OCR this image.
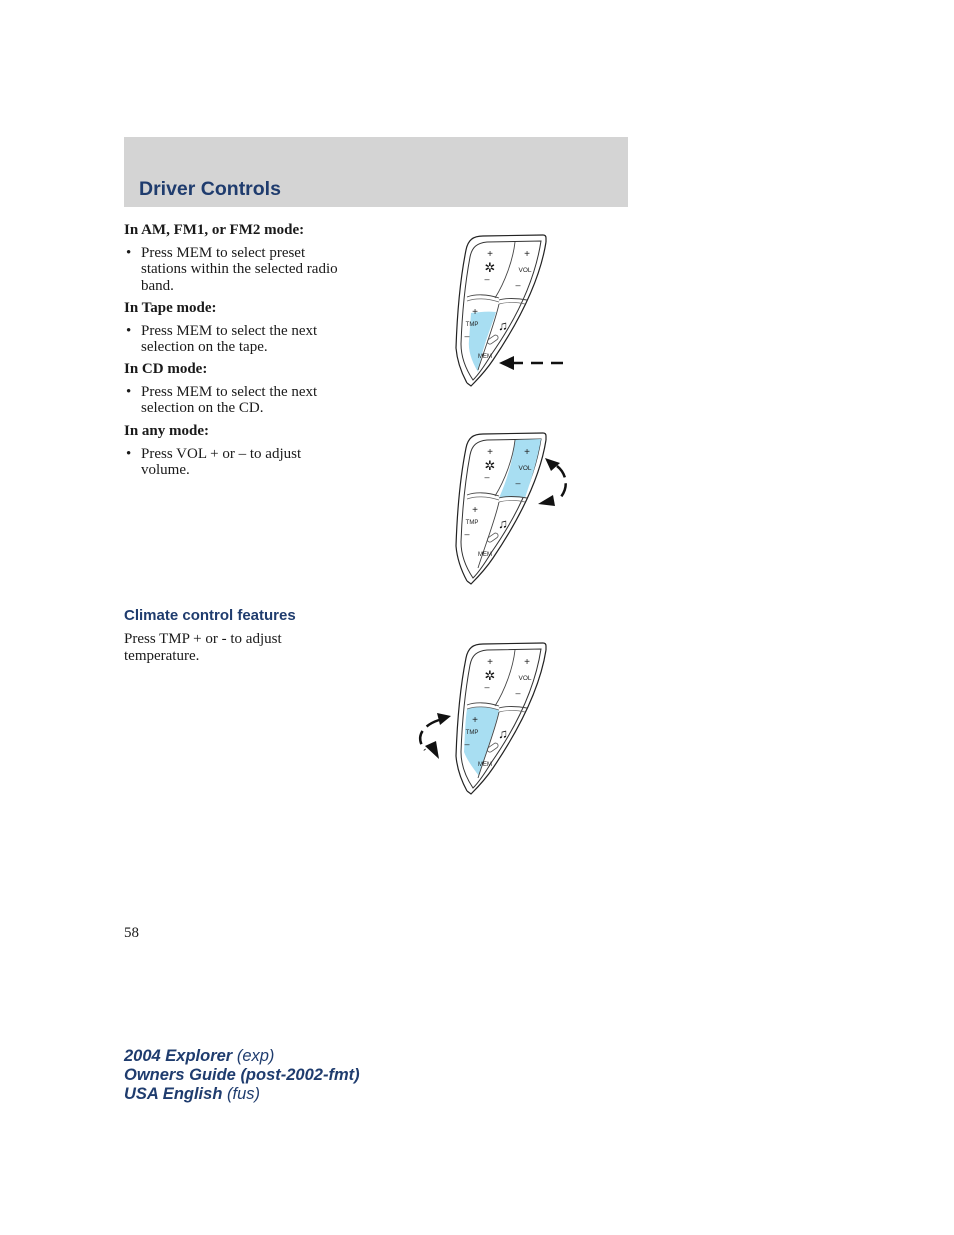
Driver Controls

In AM, FM1, or FM2 mode:

• Press MEM to select preset
stations within the selected radio
band.

In Tape mode:

• Press MEM to select the next
selection on the tape.

In CD mode:

• Press MEM to select the next
selection on the CD.

In any mode:

• Press VOL + or – to adjust
volume.
Climate control features
Press TMP + or - to adjust
temperature.
+
–
✲
+
VOL
–
+
TMP
–
♫
MEM
+
–
✲
+
VOL
–
+
TMP
–
♫
MEM
+
–
✲
+
VOL
–
+
TMP
–
♫
MEM
58
2004 Explorer (exp)
Owners Guide (post-2002-fmt)
USA English (fus)
